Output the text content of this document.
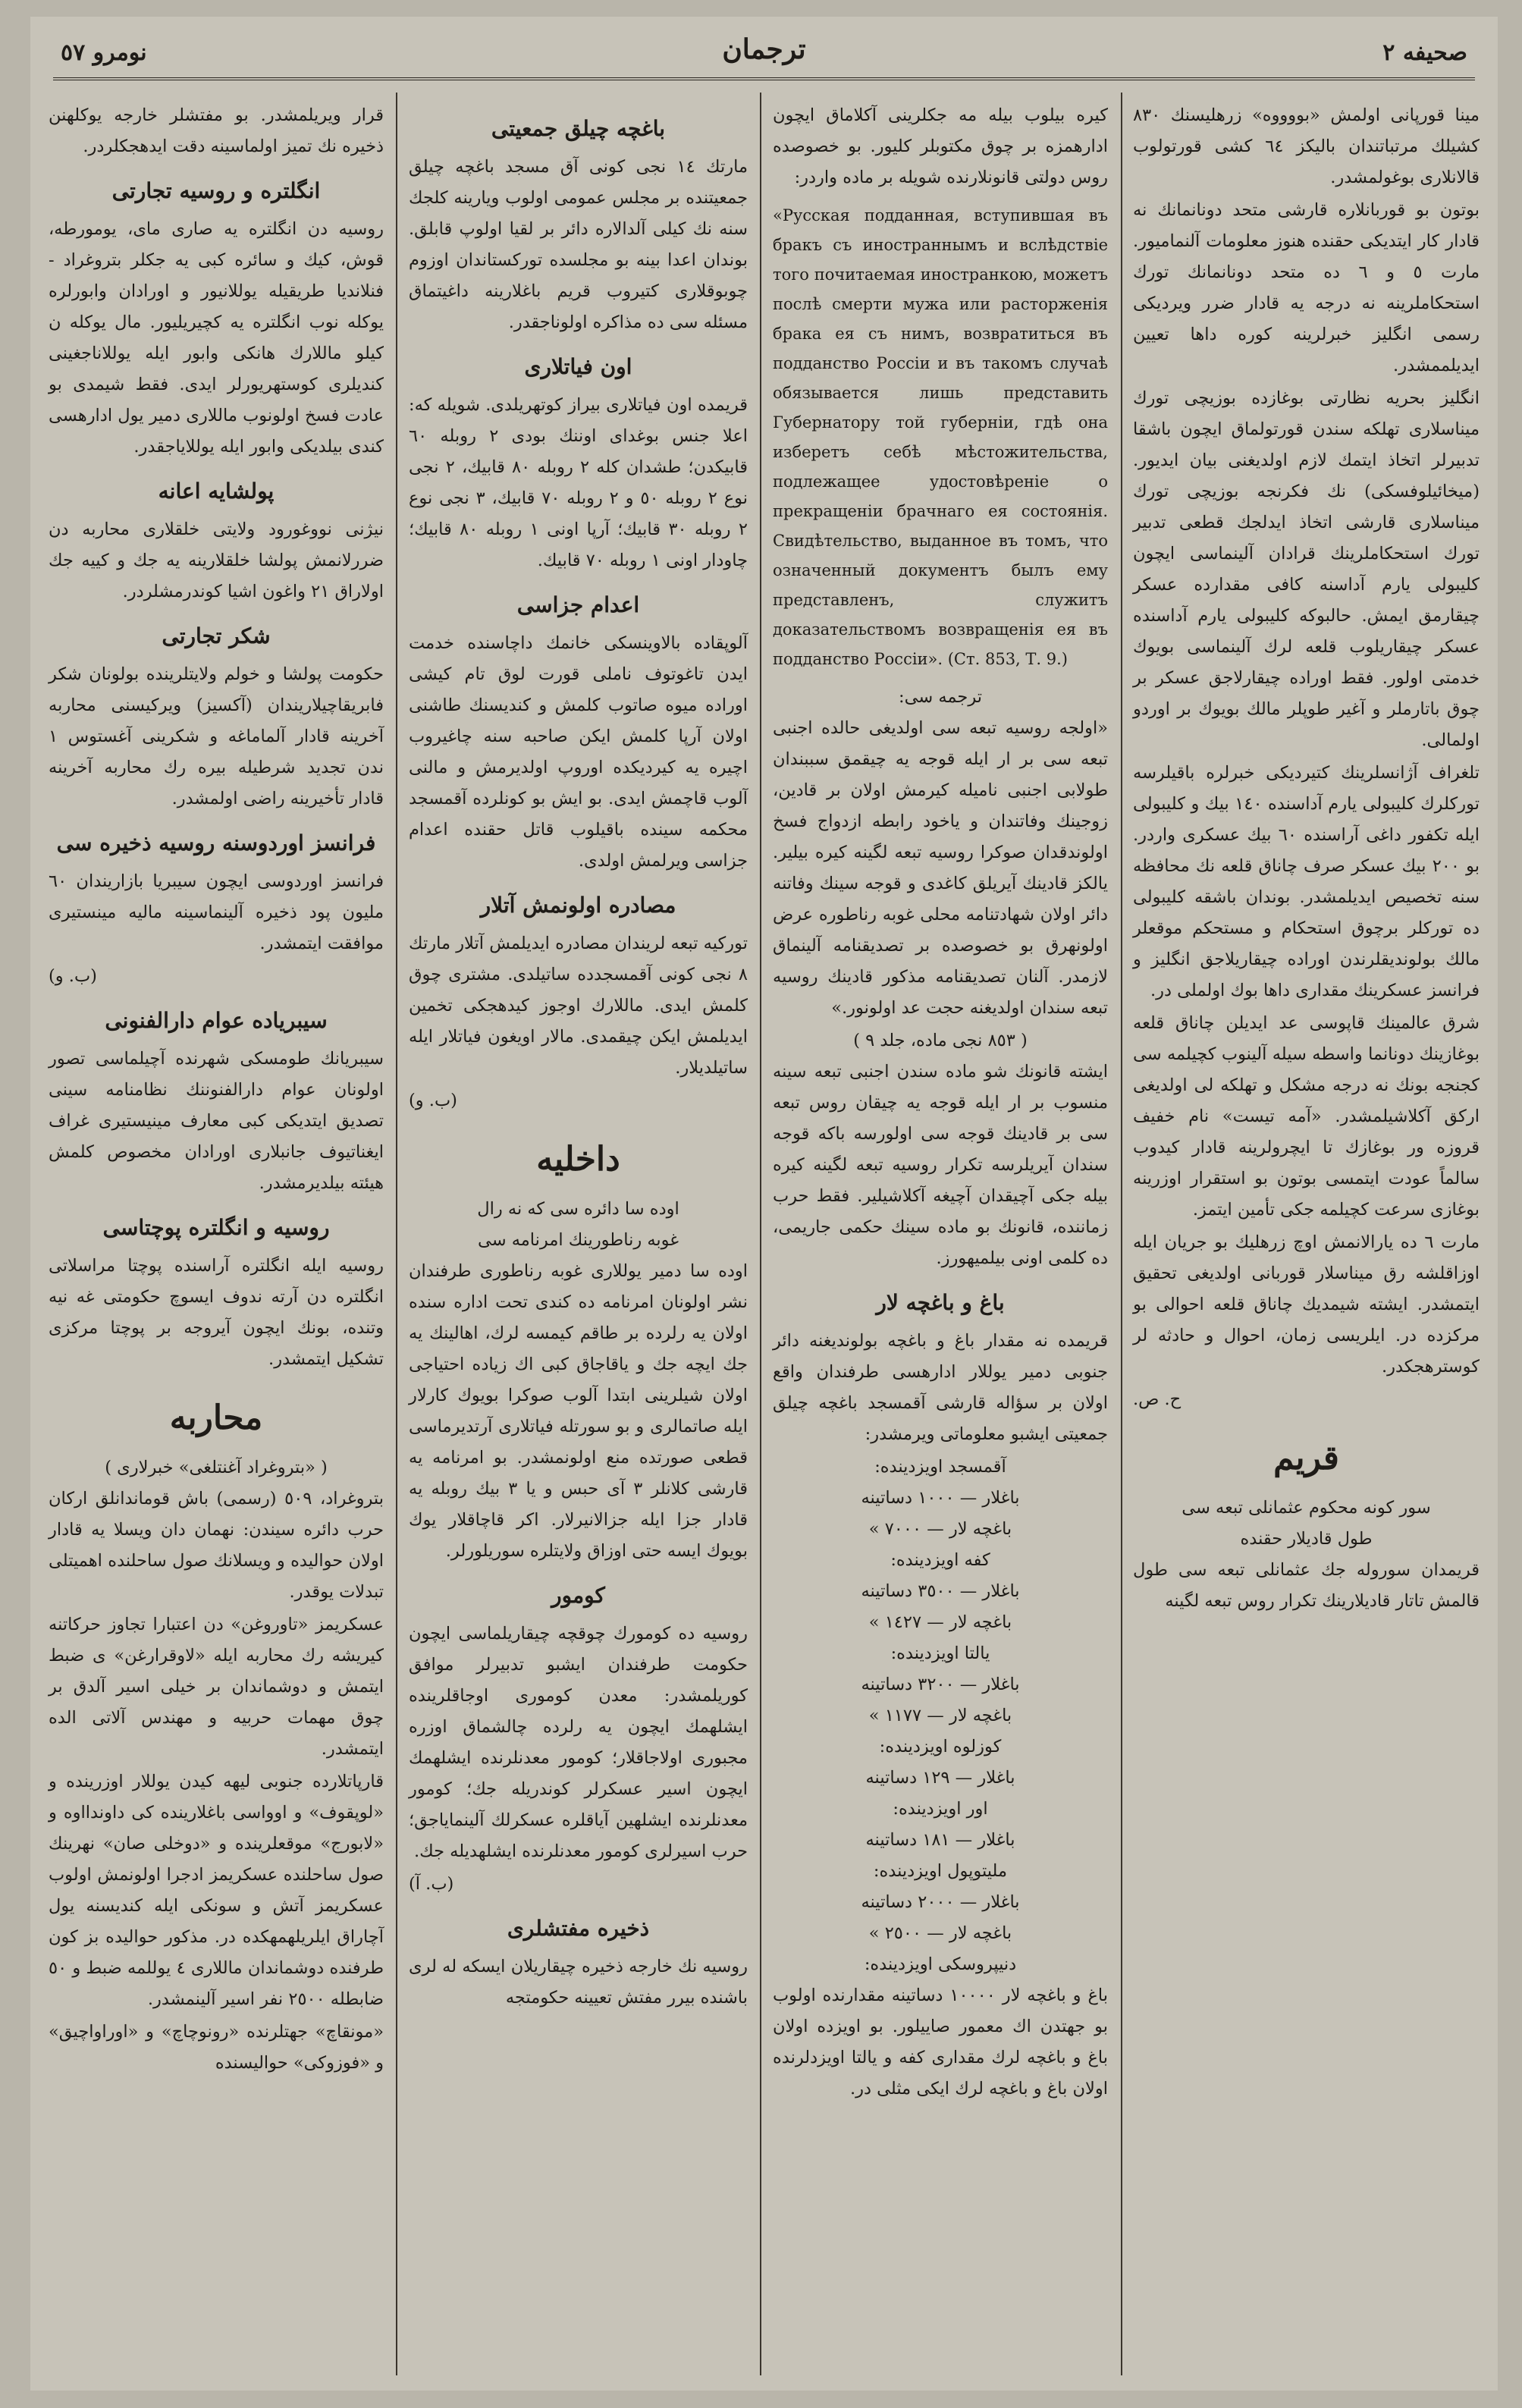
صحيفه ٢
ترجمان
نومرو ٥٧
مينا قورپانى اولمش «بووووه» زرهليسنك ٨٣٠ كشيلك مرتباتندان باليكز ٦٤ كشى قورتولوب قالانلارى بوغولمشدر.
بوتون بو قوربانلاره قارشى متحد دونانمانك نه قادار كار ايتديكى حقنده هنوز معلومات آلنماميور. مارت ٥ و ٦ ده متحد دونانمانك تورك استحكاملرينه نه درجه يه قادار ضرر ويرديكى رسمى انگليز خبرلرينه كوره داها تعيين ايديلممشدر.
انگليز بحريه نظارتى بوغازده بوزيچى تورك ميناسلارى تهلكه سندن قورتولماق ايچون باشقا تدبيرلر اتخاذ ايتمك لازم اولديغنى بيان ايديور. (ميخائيلوفسكى) نك فكرنجه بوزيچى تورك ميناسلارى قارشى اتخاذ ايدلجك قطعى تدبير تورك استحكاملرينك قرادان آلينماسى ايچون كليبولى يارم آداسنه كافى مقدارده عسكر چيقارمق ايمش. حالبوكه كليبولى يارم آداسنده عسكر چيقاريلوب قلعه لرك آلينماسى بويوك خدمتى اولور. فقط اوراده چيقارلاجق عسكر بر چوق باتارملر و آغير طوپلر مالك بويوك بر اوردو اولمالى.
تلغراف آژانسلرينك كتيرديكى خبرلره باقيلرسه توركلرك كليبولى يارم آداسنده ١٤٠ بيك و كليبولى ايله تكفور داغى آراسنده ٦٠ بيك عسكرى واردر. بو ٢٠٠ بيك عسكر صرف چاناق قلعه نك محافظه سنه تخصيص ايديلمشدر. بوندان باشقه كليبولى ده توركلر برچوق استحكام و مستحكم موقعلر مالك بولونديقلرندن اوراده چيقاريلاجق انگليز و فرانسز عسكرينك مقدارى داها بوك اولملى در.
شرق عالمينك قاپوسى عد ايديلن چاناق قلعه بوغازينك دونانما واسطه سيله آلينوب كچيلمه سى كجنجه بونك نه درجه مشكل و تهلكه لى اولديغى اركق آكلاشيلمشدر. «آمه تيست» نام خفيف قروزه ور بوغازك تا ايچرولرينه قادار كيدوب سالماً عودت ايتمسى بوتون بو استقرار اوزرينه بوغازى سرعت كچيلمه جكى تأمين ايتمز.
مارت ٦ ده يارالانمش اوچ زرهليك بو جريان ايله اوزاقلشه رق ميناسلار قوربانى اولديغى تحقيق ايتمشدر. ايشته شيمديك چاناق قلعه احوالى بو مركزده در. ايلريسى زمان، احوال و حادثه لر كوسترهجكدر.
ح. ص.
قريم
سور كونه محكوم عثمانلى تبعه سى
طول قاديلار حقنده
قريمدان سوروله جك عثمانلى تبعه سى طول قالمش تاتار قاديلارينك تكرار روس تبعه لگينه
كيره بيلوب بيله مه جكلرينى آكلاماق ايچون ادارهمزه بر چوق مكتوبلر كليور. بو خصوصده روس دولتى قانونلارنده شويله بر ماده واردر:
«Русская подданная, вступившая въ бракъ съ иностраннымъ и вслѣдствіе того почитаемая иностранкою, можетъ послѣ смерти мужа или расторженія брака ея съ нимъ, возвратиться въ подданство Россіи и въ такомъ случаѣ обязывается лишь представить Губернатору той губерніи, гдѣ она изберетъ себѣ мѣстожительства, подлежащее удостовѣреніе о прекращеніи брачнаго ея состоянія. Свидѣтельство, выданное въ томъ, что означенный документъ былъ ему представленъ, служитъ доказательствомъ возвращенія ея въ подданство Россіи». (Ст. 853, Т. 9.)
ترجمه سى:
«اولجه روسيه تبعه سى اولديغى حالده اجنبى تبعه سى بر ار ايله قوجه يه چيقمق سببندان طولابى اجنبى ناميله كيرمش اولان بر قادين، زوجينك وفاتندان و ياخود رابطه ازدواج فسخ اولوندقدان صوكرا روسيه تبعه لگينه كيره بيلير. يالكز قادينك آيريلق كاغدى و قوجه سينك وفاتنه دائر اولان شهادتنامه محلى غوبه رناطوره عرض اولونهرق بو خصوصده بر تصديقنامه آلينماق لازمدر. آلنان تصديقنامه مذكور قادينك روسيه تبعه سندان اولديغنه حجت عد اولونور.»
( ٨٥٣ نجى ماده، جلد ٩ )
ايشته قانونك شو ماده سندن اجنبى تبعه سينه منسوب بر ار ايله قوجه يه چيقان روس تبعه سى بر قادينك قوجه سى اولورسه باكه قوجه سندان آيريلرسه تكرار روسيه تبعه لگينه كيره بيله جكى آچيقدان آچيغه آكلاشيلير. فقط حرب زماننده، قانونك بو ماده سينك حكمى جاريمى، ده كلمى اونى بيلميهورز.
باغ و باغچه لار
قريمده نه مقدار باغ و باغچه بولونديغنه دائر جنوبى دمير يوللار ادارهسى طرفندان واقع اولان بر سؤاله قارشى آقمسجد باغچه چيلق جمعيتى ايشبو معلوماتى ويرمشدر:
آقمسجد اويزدينده:
باغلار — ١٠٠٠ دساتينه
باغچه لار — ٧٠٠٠ »
كفه اويزدينده:
باغلار — ٣٥٠٠ دساتينه
باغچه لار — ١٤٢٧ »
يالتا اويزدينده:
باغلار — ٣٢٠٠ دساتينه
باغچه لار — ١١٧٧ »
كوزلوه اويزدينده:
باغلار — ١٢٩ دساتينه
اور اويزدينده:
باغلار — ١٨١ دساتينه
مليتوپول اويزدينده:
باغلار — ٢٠٠٠ دساتينه
باغچه لار — ٢٥٠٠ »
دنيپروسكى اويزدينده:
باغ و باغچه لار ١٠٠٠٠ دساتينه مقدارنده اولوب بو جهتدن اك معمور صاييلور. بو اويزده اولان باغ و باغچه لرك مقدارى كفه و يالتا اويزدلرنده اولان باغ و باغچه لرك ايكى مثلى در.
باغچه چيلق جمعيتى
مارتك ١٤ نجى كونى آق مسجد باغچه چيلق جمعيتنده بر مجلس عمومى اولوب ويارينه كلجك سنه نك كيلى آلدالاره دائر بر لقيا اولوپ قابلق. بوندان اعدا بينه بو مجلسده توركستاندان اوزوم چوبوقلارى كتيروب قريم باغلارينه داغيتماق مسئله سى ده مذاكره اولوناجقدر.
اون فياتلارى
قريمده اون فياتلارى بيراز كوتهريلدى. شويله كه: اعلا جنس بوغداى اوننك بودى ٢ روبله ٦٠ قابيكدن؛ طشدان كله ٢ روبله ٨٠ قابيك، ٢ نجى نوع ٢ روبله ٥٠ و ٢ روبله ٧٠ قابيك، ٣ نجى نوع ٢ روبله ٣٠ قابيك؛ آرپا اونى ١ روبله ٨٠ قابيك؛ چاودار اونى ١ روبله ٧٠ قابيك.
اعدام جزاسى
آلوپقاده بالاوينسكى خانمك داچاسنده خدمت ايدن تاغوتوف ناملى قورت لوق تام كيشى اوراده ميوه صاتوب كلمش و كنديسنك طاشنى اولان آرپا كلمش ايكن صاحبه سنه چاغيروب اچيره يه كيرديكده اوروپ اولديرمش و مالنى آلوب قاچمش ايدى. بو ايش بو كونلرده آقمسجد محكمه سينده باقيلوب قاتل حقنده اعدام جزاسى ويرلمش اولدى.
مصادره اولونمش آتلار
توركيه تبعه لريندان مصادره ايديلمش آتلار مارتك ٨ نجى كونى آقمسجدده ساتيلدى. مشترى چوق كلمش ايدى. ماللارك اوجوز كيدهجكى تخمين ايديلمش ايكن چيقمدى. مالار اويغون فياتلار ايله ساتيلديلار.
(ب. و)
داخليه
اوده سا دائره سى كه نه رال
غوبه رناطورينك امرنامه سى
اوده سا دمير يوللارى غوبه رناطورى طرفندان نشر اولونان امرنامه ده كندى تحت اداره سنده اولان يه رلرده بر طاقم كيمسه لرك، اهالينك يه جك ايچه جك و ياقاجاق كبى اك زياده احتياجى اولان شيلرينى ابتدا آلوب صوكرا بويوك كارلار ايله صاتمالرى و بو سورتله فياتلارى آرتديرماسى قطعى صورتده منع اولونمشدر. بو امرنامه يه قارشى كلانلر ٣ آى حبس و يا ٣ بيك روبله يه قادار جزا ايله جزالانيرلار. اكر قاچاقلار يوك بويوك ايسه حتى اوزاق ولايتلره سوريلورلر.
كومور
روسيه ده كومورك چوقچه چيقاريلماسى ايچون حكومت طرفندان ايشبو تدبيرلر موافق كوريلمشدر: معدن كومورى اوجاقلرينده ايشلهمك ايچون يه رلرده چالشماق اوزره مجبورى اولاجاقلار؛ كومور معدنلرنده ايشلهمك ايچون اسير عسكرلر كوندريله جك؛ كومور معدنلرنده ايشلهين آياقلره عسكرلك آلينماياجق؛ حرب اسيرلرى كومور معدنلرنده ايشلهديله جك.
(ب. آ)
ذخيره مفتشلرى
روسيه نك خارجه ذخيره چيقاريلان ايسكه له لرى باشنده بيرر مفتش تعيينه حكومتجه
قرار ويريلمشدر. بو مفتشلر خارجه يوكلهنن ذخيره نك تميز اولماسينه دقت ايدهجكلردر.
انگلتره و روسيه تجارتى
روسيه دن انگلتره يه صارى ماى، يومورطه، قوش، كيك و سائره كبى يه جكلر بتروغراد - فنلانديا طريقيله يوللانيور و اورادان وابورلره يوكله نوب انگلتره يه كچيريليور. مال يوكله ن كيلو ماللارك هانكى وابور ايله يوللاناجغينى كنديلرى كوستهريورلر ايدى. فقط شيمدى بو عادت فسخ اولونوب ماللارى دمير يول ادارهسى كندى بيلديكى وابور ايله يوللاياجقدر.
پولشايه اعانه
نيژنى نووغورود ولايتى خلقلارى محاربه دن ضررلانمش پولشا خلقلارينه يه جك و كييه جك اولاراق ٢١ واغون اشيا كوندرمشلردر.
شكر تجارتى
حكومت پولشا و خولم ولايتلرينده بولونان شكر فابريقاچيلاريندان (آكسيز) ويركيسنى محاربه آخرينه قادار آلماماغه و شكرينى آغستوس ١ ندن تجديد شرطيله بيره رك محاربه آخرينه قادار تأخيرينه راضى اولمشدر.
فرانسز اوردوسنه روسيه ذخيره سى
فرانسز اوردوسى ايچون سيبريا بازاريندان ٦٠ مليون پود ذخيره آلينماسينه ماليه مينستيرى موافقت ايتمشدر.
(ب. و)
سيبرياده عوام دارالفنونى
سيبريانك طومسكى شهرنده آچيلماسى تصور اولونان عوام دارالفنوننك نظامنامه سينى تصديق ايتديكى كبى معارف مينيستيرى غراف ايغناتيوف جانبلارى اورادان مخصوص كلمش هيئته بيلديرمشدر.
روسيه و انگلتره پوچتاسى
روسيه ايله انگلتره آراسنده پوچتا مراسلاتى انگلتره دن آرته ندوف ايسوچ حكومتى غه نيه وتنده، بونك ايچون آيروجه بر پوچتا مركزى تشكيل ايتمشدر.
محاربه
( «بتروغراد آغنتلغى» خبرلارى )
بتروغراد، ٥٠٩ (رسمى) باش قوماندانلق اركان حرب دائره سيندن: نهمان دان ويسلا يه قادار اولان حواليده و ويسلانك صول ساحلنده اهميتلى تبدلات يوقدر.
عسكريمز «تاوروغن» دن اعتبارا تجاوز حركاتنه كيريشه رك محاربه ايله «لاوقرارغن» ى ضبط ايتمش و دوشماندان بر خيلى اسير آلدق بر چوق مهمات حربيه و مهندس آلاتى الده ايتمشدر.
قارپاتلارده جنوبى ليهه كيدن يوللار اوزرينده و «لوپقوف» و اوواسى باغلارينده كى داوندااوه و «لابورج» موقعلرينده و «دوخلى صان» نهرينك صول ساحلنده عسكريمز ادجرا اولونمش اولوب عسكريمز آتش و سونكى ايله كنديسنه يول آچاراق ايلريلهمهكده در. مذكور حواليده بز كون طرفنده دوشماندان ماللارى ٤ يوللمه ضبط و ٥٠ ضابطله ٢٥٠٠ نفر اسير آلينمشدر.
«مونقاچ» جهتلرنده «رونوچاچ» و «اوراواچيق» و «فوزوكى» حواليسنده
